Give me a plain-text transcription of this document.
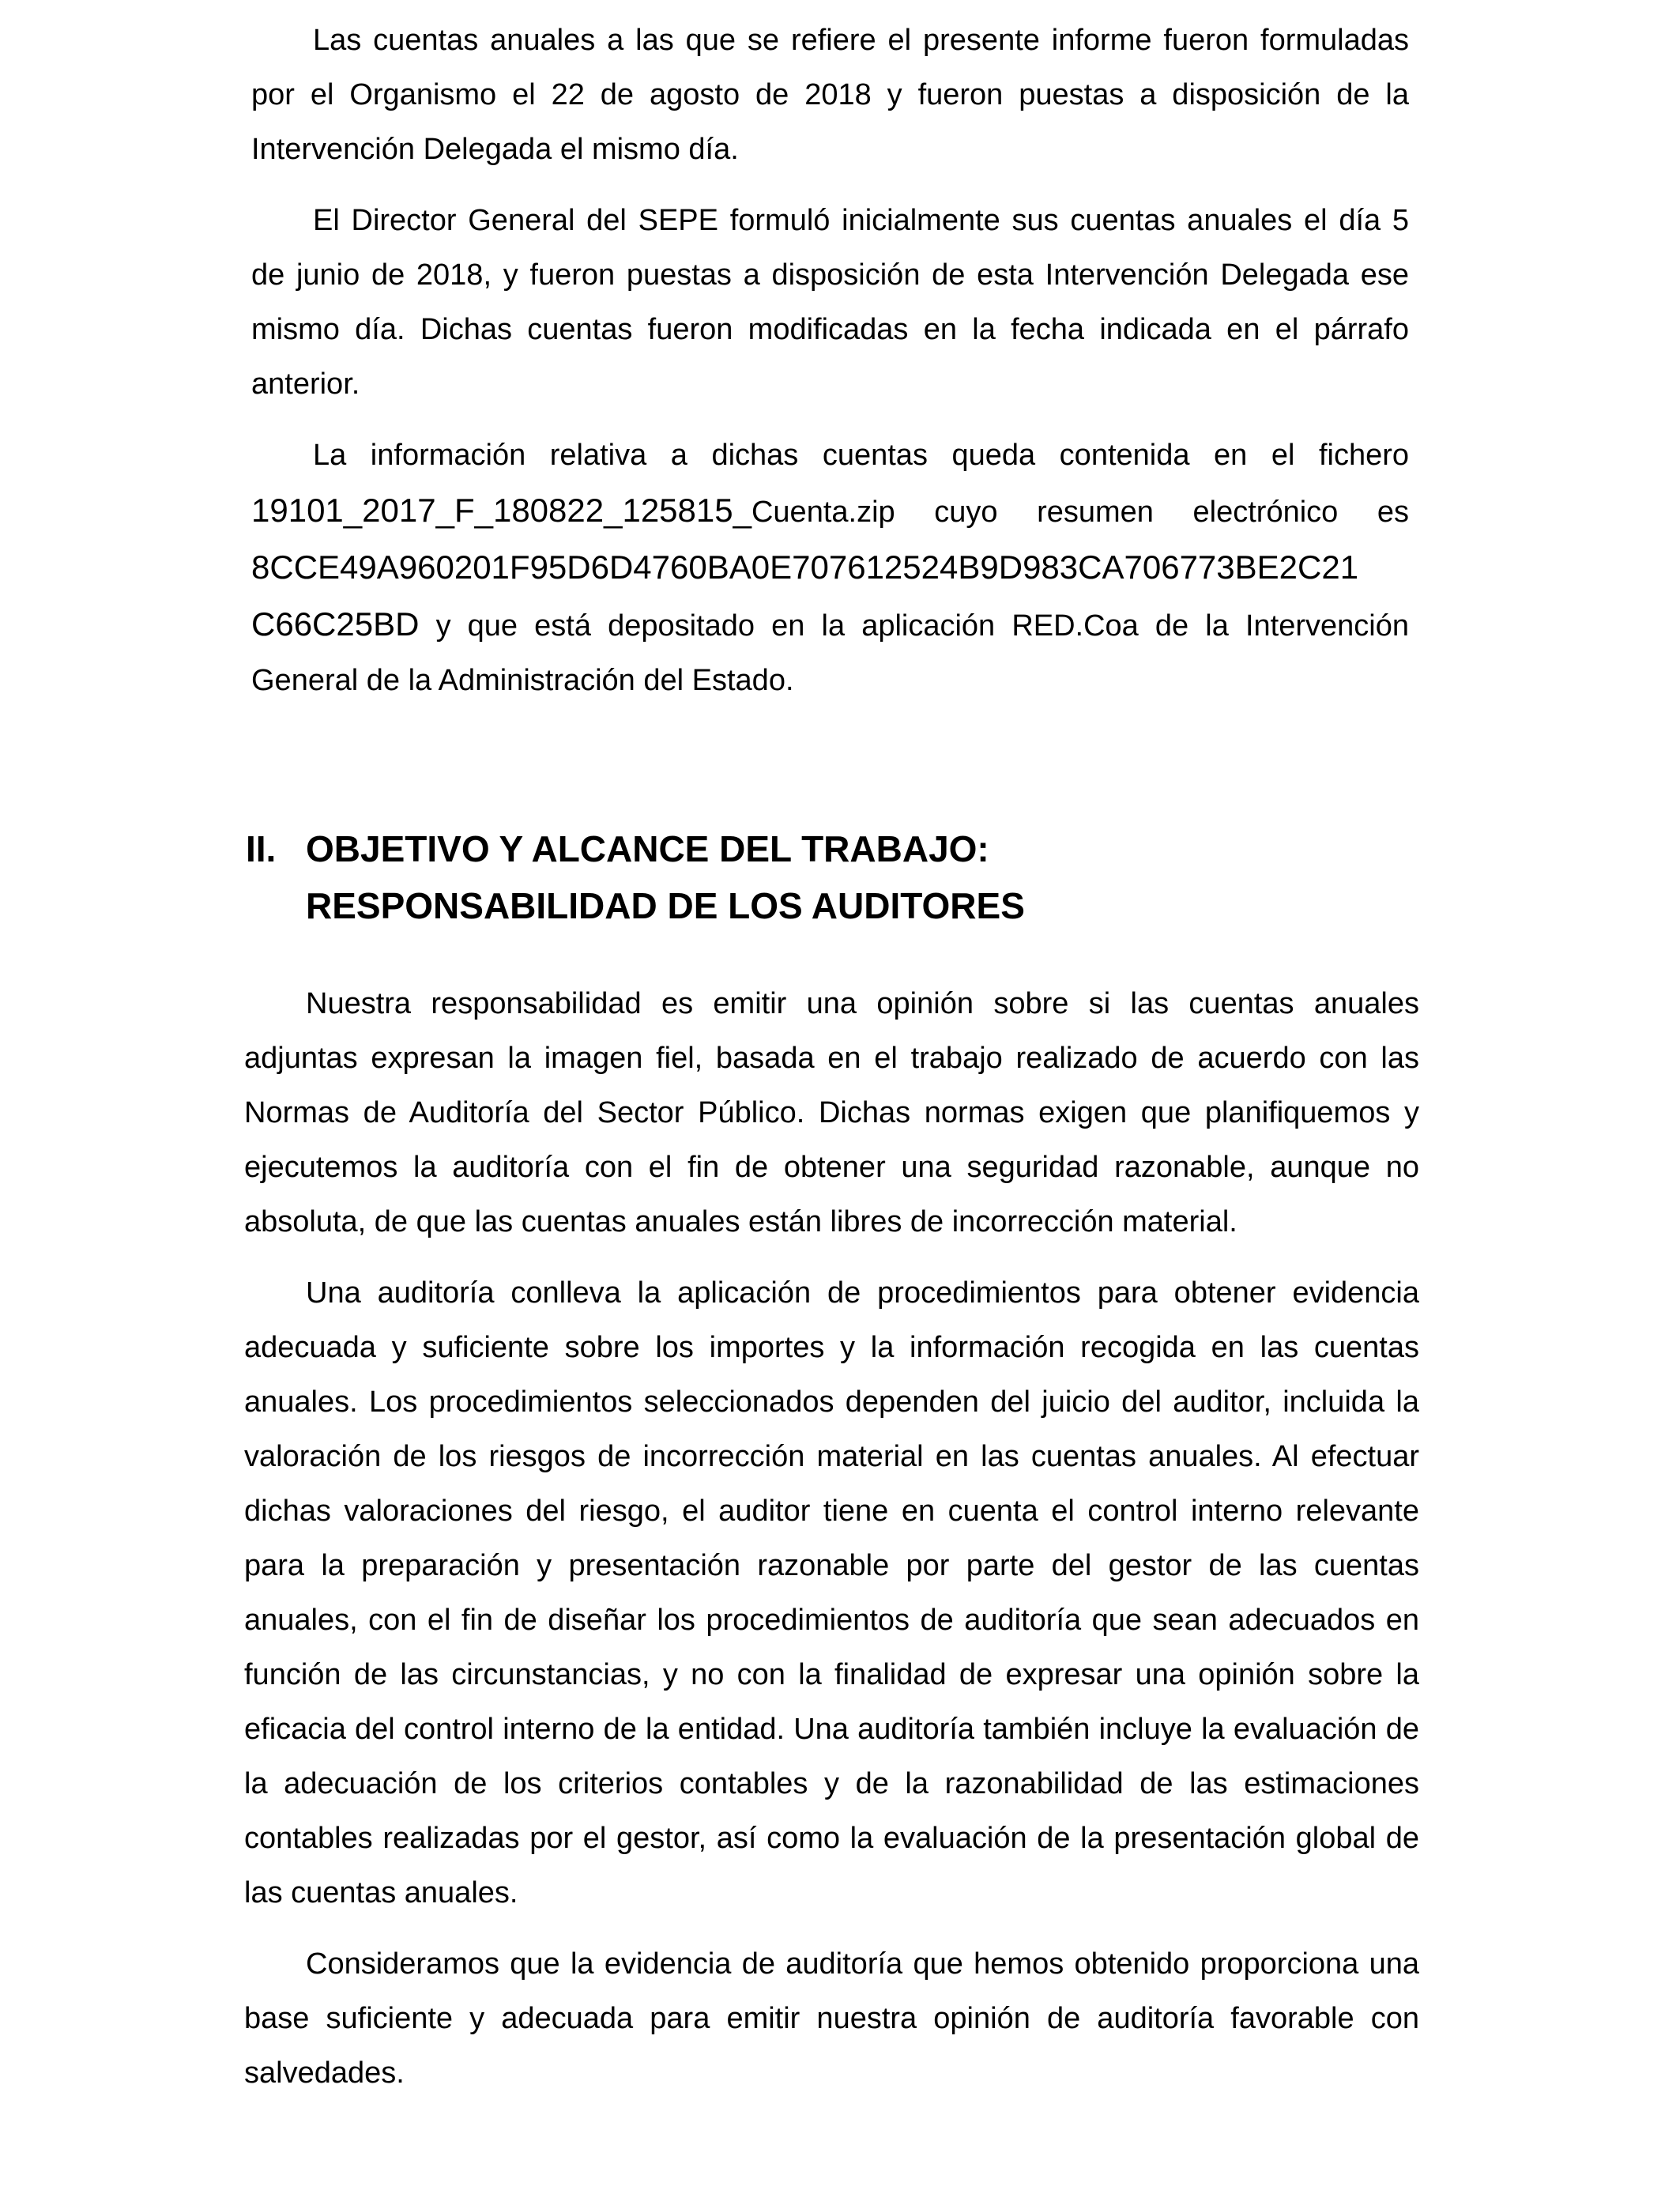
Las cuentas anuales a las que se refiere el presente informe fueron formuladas por el Organismo el 22 de agosto de 2018 y fueron puestas a disposición de la Intervención Delegada el mismo día.

El Director General del SEPE formuló inicialmente sus cuentas anuales el día 5 de junio de 2018, y fueron puestas a disposición de esta Intervención Delegada ese mismo día. Dichas cuentas fueron modificadas en la fecha indicada en el párrafo anterior.

La información relativa a dichas cuentas queda contenida en el fichero 19101_2017_F_180822_125815_Cuenta.zip cuyo resumen electrónico es 8CCE49A960201F95D6D4760BA0E707612524B9D983CA706773BE2C21 C66C25BD y que está depositado en la aplicación RED.Coa de la Intervención General de la Administración del Estado.

II. OBJETIVO Y ALCANCE DEL TRABAJO:
RESPONSABILIDAD DE LOS AUDITORES

Nuestra responsabilidad es emitir una opinión sobre si las cuentas anuales adjuntas expresan la imagen fiel, basada en el trabajo realizado de acuerdo con las Normas de Auditoría del Sector Público. Dichas normas exigen que planifiquemos y ejecutemos la auditoría con el fin de obtener una seguridad razonable, aunque no absoluta, de que las cuentas anuales están libres de incorrección material.

Una auditoría conlleva la aplicación de procedimientos para obtener evidencia adecuada y suficiente sobre los importes y la información recogida en las cuentas anuales. Los procedimientos seleccionados dependen del juicio del auditor, incluida la valoración de los riesgos de incorrección material en las cuentas anuales. Al efectuar dichas valoraciones del riesgo, el auditor tiene en cuenta el control interno relevante para la preparación y presentación razonable por parte del gestor de las cuentas anuales, con el fin de diseñar los procedimientos de auditoría que sean adecuados en función de las circunstancias, y no con la finalidad de expresar una opinión sobre la eficacia del control interno de la entidad. Una auditoría también incluye la evaluación de la adecuación de los criterios contables y de la razonabilidad de las estimaciones contables realizadas por el gestor, así como la evaluación de la presentación global de las cuentas anuales.

Consideramos que la evidencia de auditoría que hemos obtenido proporciona una base suficiente y adecuada para emitir nuestra opinión de auditoría favorable con salvedades.
